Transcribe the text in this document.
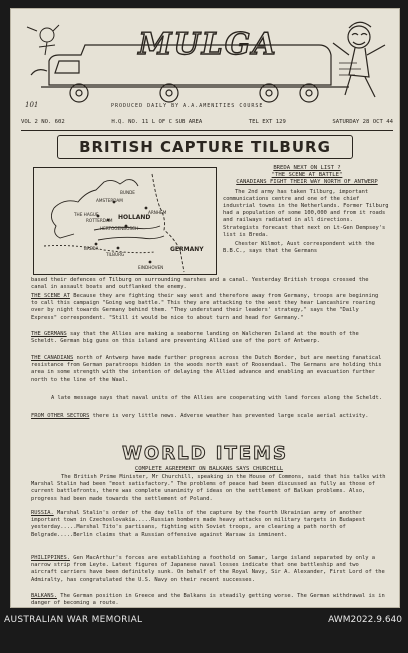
MULGA
101	PRODUCED DAILY BY A.A.AMENITIES COURSE
VOL 2 NO. 602	H.Q. NO. 11 L OF C SUB AREA	TEL EXT 129	SATURDAY 28 OCT 44
BRITISH CAPTURE TILBURG
BUNDE
AMSTERDAM
THE HAGUE
HERTOGENBOSCH
ROTTERDAM HOLLAND
ARNHEM
BREDA
TILBURG
GERMANY
EINDHOVEN
BREDA NEXT ON LIST ?
"THE SCENE AT BATTLE"
CANADIANS FIGHT THEIR WAY NORTH OF ANTWERP
The 2nd army has taken Tilburg, important communications centre and one of the chief industrial towns in the Netherlands. Former Tilburg had a population of some 100,000 and from it roads and railways radiated in all directions. Strategists forecast that next on Lt-Gen Dempsey's list is Breda.
Chester Wilmot, Aust correspondent with the B.B.C., says that the Germans
based their defences of Tilburg on surrounding marshes and a canal. Yesterday British troops crossed the canal in assault boats and outflanked the enemy.
THE SCENE AT Because they are fighting their way west and therefore away from Germany, troops are beginning to call this campaign "Going wog battle." This they are attacking to the west they hear Lancashire roaring over by night towards Germany behind them. "They understand their leaders' strategy," says the "Daily Express" correspondent. "Still it would be nice to about turn and head for Germany."
THE GERMANS say that the Allies are making a seaborne landing on Walcheren Island at the mouth of the Scheldt. German big guns on this island are preventing Allied use of the port of Antwerp.
THE CANADIANS north of Antwerp have made further progress across the Dutch Border, but are meeting fanatical resistance from German paratroops hidden in the woods north east of Roosendaal. The Germans are holding this area in some strength with the intention of delaying the Allied advance and enabling an evacuation further north to the line of the Waal.
A late message says that naval units of the Allies are cooperating with land forces along the Scheldt.
FROM OTHER SECTORS there is very little news. Adverse weather has prevented large scale aerial activity.
WORLD ITEMS
COMPLETE AGREEMENT ON BALKANS SAYS CHURCHILL
The British Prime Minister, Mr Churchill, speaking in the House of Commons, said that his talks with Marshal Stalin had been "most satisfactory." The problems of peace had been discussed as fully as those of current battlefronts, there was complete unanimity of ideas on the settlement of Balkan problems. Also, progress had been made towards the settlement of Poland.
RUSSIA. Marshal Stalin's order of the day tells of the capture by the fourth Ukrainian army of another important town in Czechoslovakia.....Russian bombers made heavy attacks on military targets in Budapest yesterday.....Marshal Tito's partisans, fighting with Soviet troops, are clearing a path north of Belgrade.....Berlin claims that a Russian offensive against Warsaw is imminent.
PHILIPPINES. Gen MacArthur's forces are establishing a foothold on Samar, large island separated by only a narrow strip from Leyte. Latest figures of Japanese naval losses indicate that one battleship and two aircraft carriers have been definitely sunk. On behalf of the Royal Navy, Sir A. Alexander, First Lord of the Admiralty, has congratulated the U.S. Navy on their recent successes.
BALKANS. The German position in Greece and the Balkans is steadily getting worse. The German withdrawal is in danger of becoming a route.
AUSTRALIAN WAR MEMORIAL	AWM2022.9.640
